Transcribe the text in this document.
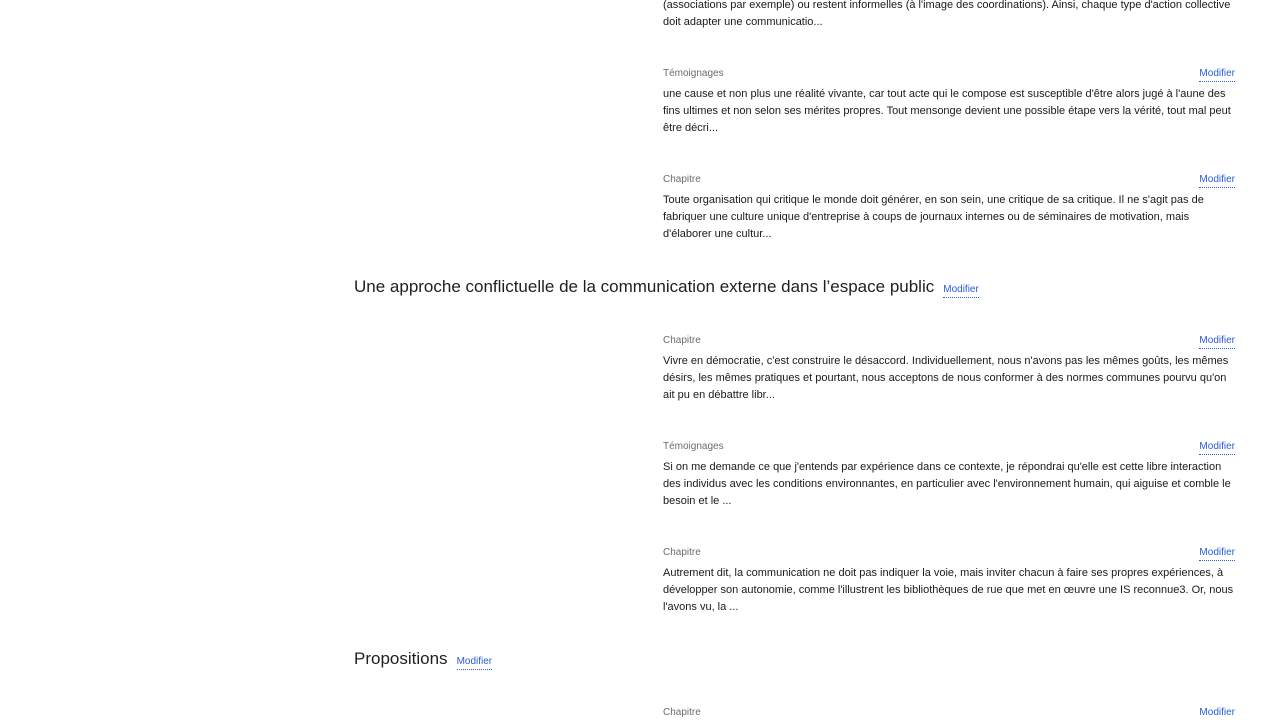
(associations par exemple) ou restent informelles (à l'image des coordinations). Ainsi, chaque type d'action collective doit adapter une communicatio...

Témoignages	Modifier

une cause et non plus une réalité vivante, car tout acte qui le compose est susceptible d'être alors jugé à l'aune des fins ultimes et non selon ses mérites propres. Tout mensonge devient une possible étape vers la vérité, tout mal peut être décri...

Chapitre	Modifier

Toute organisation qui critique le monde doit générer, en son sein, une critique de sa critique. Il ne s'agit pas de fabriquer une culture unique d'entreprise à coups de journaux internes ou de séminaires de motivation, mais d'élaborer une cultur...

Une approche conflictuelle de la communication externe dans l’espace public Modifier
Chapitre	Modifier

Vivre en démocratie, c'est construire le désaccord. Individuellement, nous n'avons pas les mêmes goûts, les mêmes désirs, les mêmes pratiques et pourtant, nous acceptons de nous conformer à des normes communes pourvu qu'on ait pu en débattre libr...

Témoignages	Modifier

Si on me demande ce que j'entends par expérience dans ce contexte, je répondrai qu'elle est cette libre interaction des individus avec les conditions environnantes, en particulier avec l'environnement humain, qui aiguise et comble le besoin et le ...

Chapitre	Modifier

Autrement dit, la communication ne doit pas indiquer la voie, mais inviter chacun à faire ses propres expériences, à développer son autonomie, comme l'illustrent les bibliothèques de rue que met en œuvre une IS reconnue3. Or, nous l'avons vu, la ...

Propositions Modifier
Chapitre	Modifier
